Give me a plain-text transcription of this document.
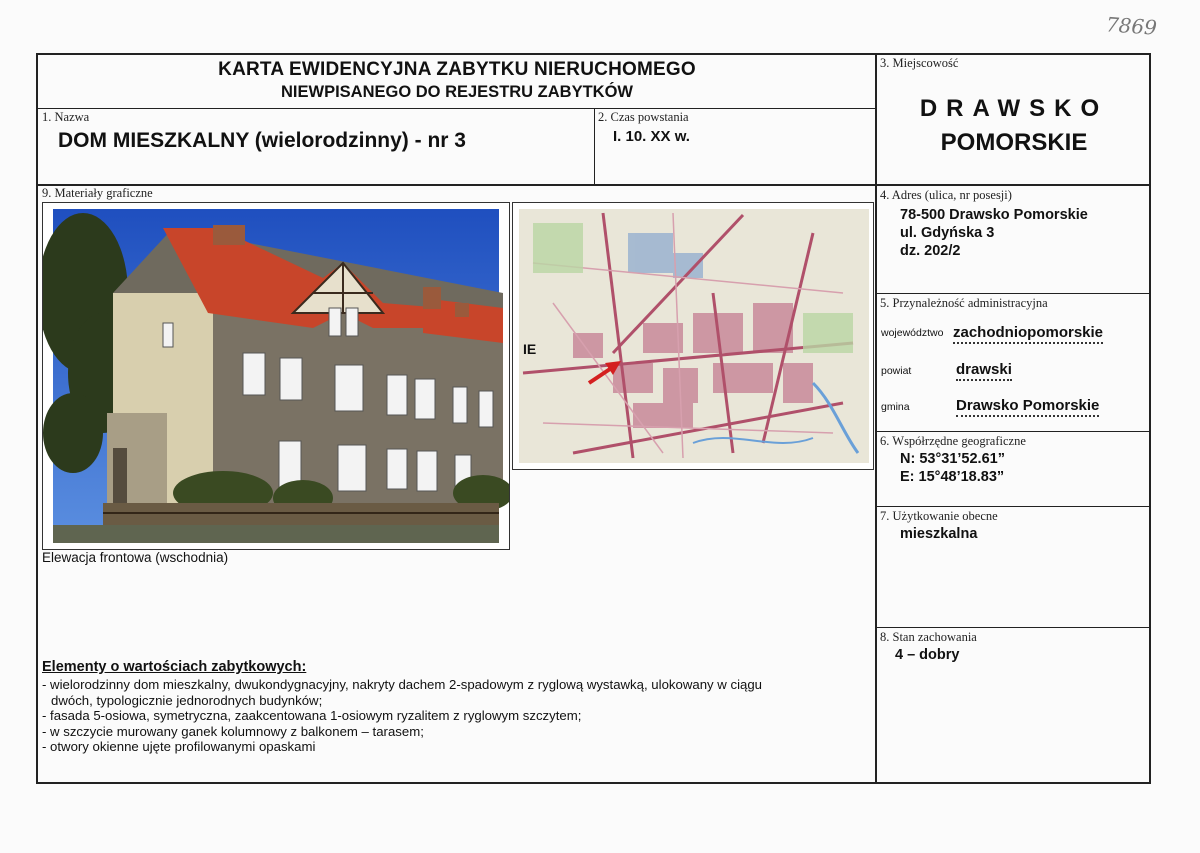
7869
KARTA EWIDENCYJNA ZABYTKU NIERUCHOMEGO
NIEWPISANEGO DO REJESTRU ZABYTKÓW
1. Nazwa
DOM MIESZKALNY (wielorodzinny) - nr 3
2. Czas powstania
I. 10. XX w.
3. Miejscowość
DRAWSKO
POMORSKIE
4. Adres (ulica, nr posesji)
78-500 Drawsko Pomorskie
ul. Gdyńska 3
dz. 202/2
5. Przynależność administracyjna
województwo zachodniopomorskie
powiat	drawski
gmina	Drawsko Pomorskie
6. Współrzędne geograficzne
N: 53°31’52.61”
E: 15°48’18.83”
7. Użytkowanie obecne
mieszkalna
8. Stan zachowania
4 – dobry
9. Materiały graficzne
IE
Elewacja frontowa (wschodnia)
Elementy o wartościach zabytkowych:
- wielorodzinny dom mieszkalny, dwukondygnacyjny, nakryty dachem 2-spadowym z ryglową wystawką, ulokowany w ciągu
dwóch, typologicznie jednorodnych budynków;
- fasada 5-osiowa, symetryczna, zaakcentowana 1-osiowym ryzalitem z ryglowym szczytem;
- w szczycie murowany ganek kolumnowy z balkonem – tarasem;
- otwory okienne ujęte profilowanymi opaskami
